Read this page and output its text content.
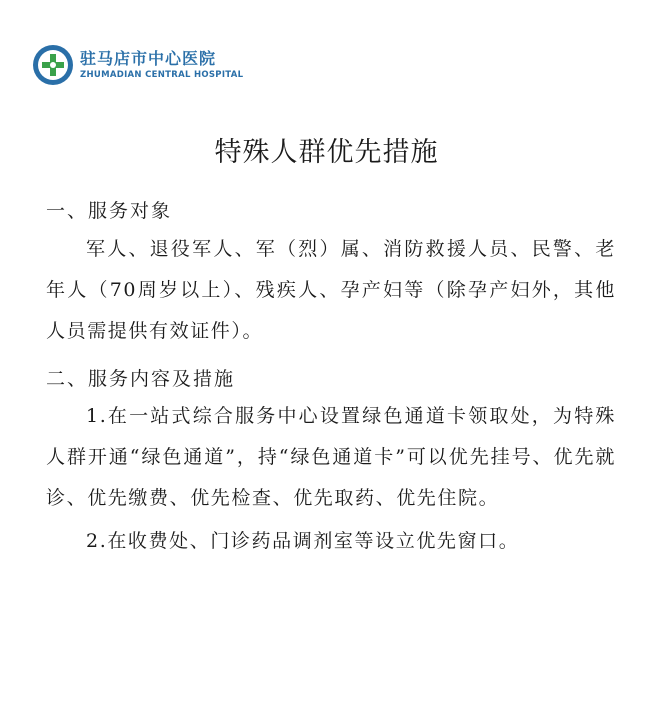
驻马店市中心医院
ZHUMADIAN CENTRAL HOSPITAL
特殊人群优先措施
一、服务对象
军人、退役军人、军（烈）属、消防救援人员、民警、老年人（70周岁以上）、残疾人、孕产妇等（除孕产妇外，其他人员需提供有效证件）。
二、服务内容及措施
1.在一站式综合服务中心设置绿色通道卡领取处，为特殊人群开通“绿色通道”，持“绿色通道卡”可以优先挂号、优先就诊、优先缴费、优先检查、优先取药、优先住院。
2.在收费处、门诊药品调剂室等设立优先窗口。
